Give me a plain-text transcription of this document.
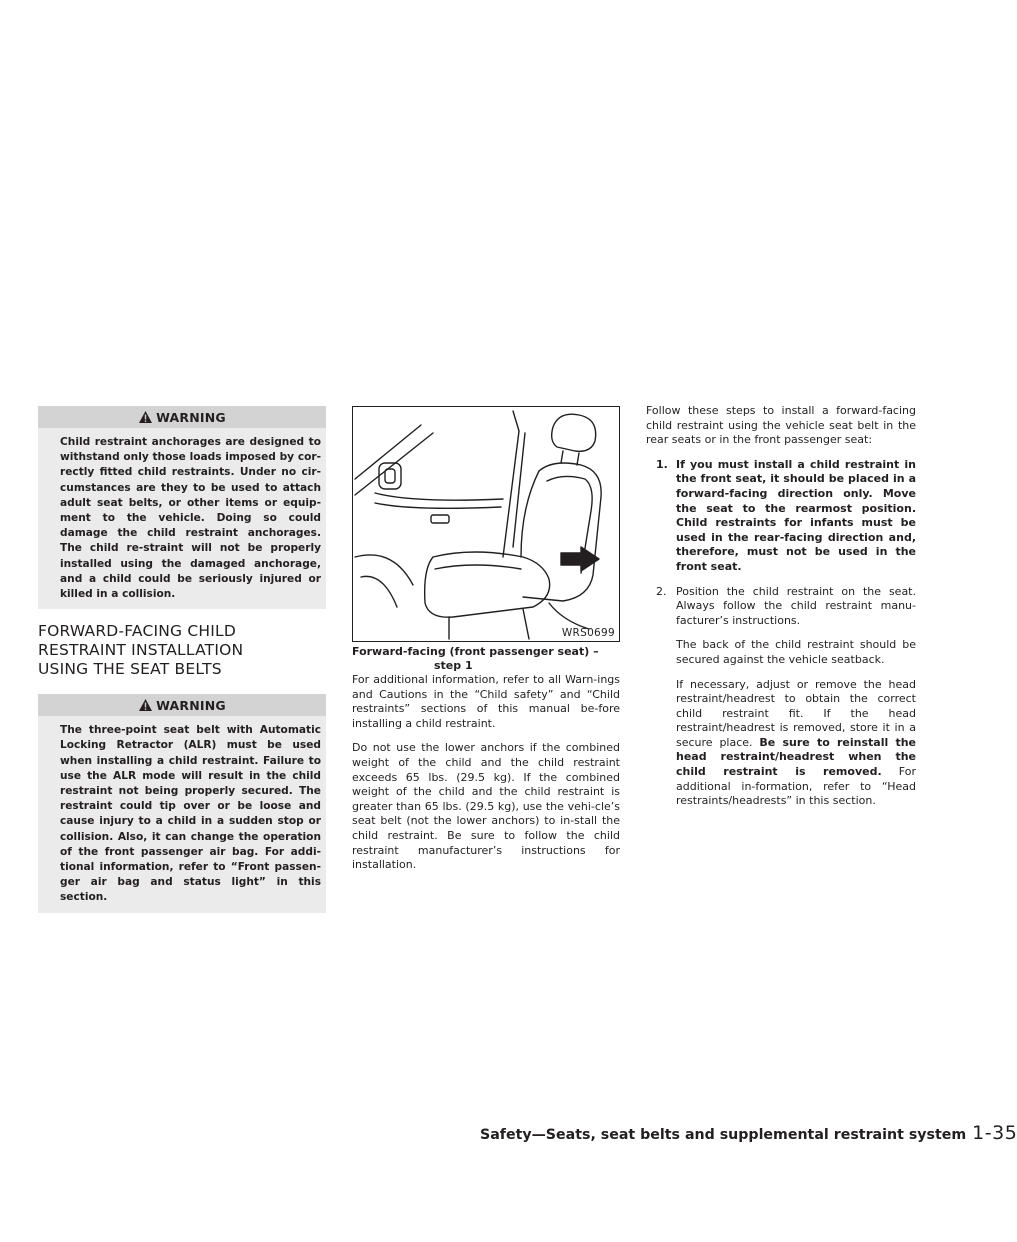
WARNING
Child restraint anchorages are designed to withstand only those loads imposed by cor-rectly fitted child restraints. Under no cir-cumstances are they to be used to attach adult seat belts, or other items or equip-ment to the vehicle. Doing so could damage the child restraint anchorages. The child re-straint will not be properly installed using the damaged anchorage, and a child could be seriously injured or killed in a collision.
FORWARD-FACING CHILD
RESTRAINT INSTALLATION
USING THE SEAT BELTS
WARNING
The three-point seat belt with Automatic Locking Retractor (ALR) must be used when installing a child restraint. Failure to use the ALR mode will result in the child restraint not being properly secured. The restraint could tip over or be loose and cause injury to a child in a sudden stop or collision. Also, it can change the operation of the front passenger air bag. For addi-tional information, refer to “Front passen-ger air bag and status light” in this section.
WRS0699
Forward-facing (front passenger seat) –
step 1

For additional information, refer to all Warn-ings and Cautions in the “Child safety” and “Child restraints” sections of this manual be-fore installing a child restraint.

Do not use the lower anchors if the combined weight of the child and the child restraint exceeds 65 lbs. (29.5 kg). If the combined weight of the child and the child restraint is greater than 65 lbs. (29.5 kg), use the vehi-cle’s seat belt (not the lower anchors) to in-stall the child restraint. Be sure to follow the child restraint manufacturer’s instructions for installation.

Follow these steps to install a forward-facing child restraint using the vehicle seat belt in the rear seats or in the front passenger seat:

1. If you must install a child restraint in the front seat, it should be placed in a forward-facing direction only. Move the seat to the rearmost position. Child restraints for infants must be used in the rear-facing direction and, therefore, must not be used in the front seat.
2. Position the child restraint on the seat. Always follow the child restraint manu-facturer’s instructions.

The back of the child restraint should be secured against the vehicle seatback.

If necessary, adjust or remove the head restraint/headrest to obtain the correct child restraint fit. If the head restraint/headrest is removed, store it in a secure place. Be sure to reinstall the head restraint/headrest when the child restraint is removed. For additional in-formation, refer to “Head restraints/headrests” in this section.

Safety—Seats, seat belts and supplemental restraint system 1-35
